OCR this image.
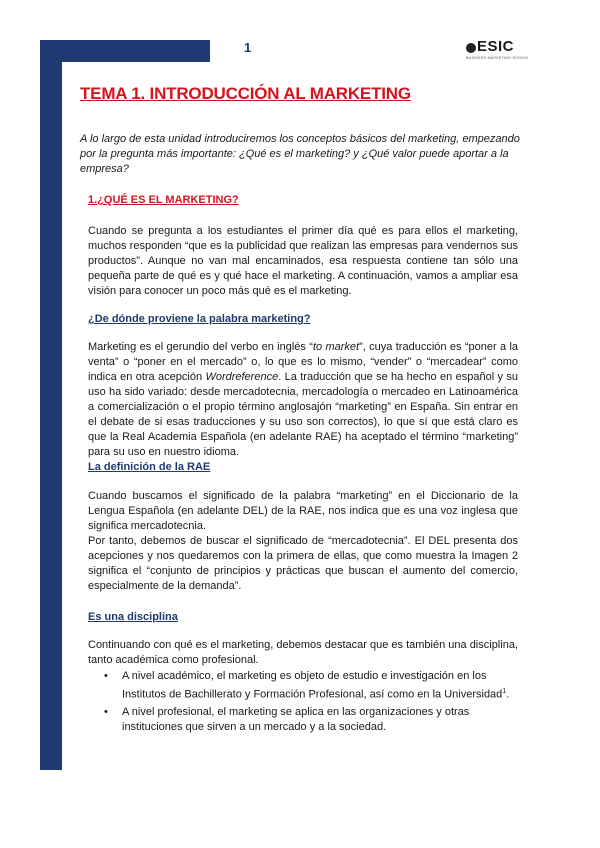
1	ESIC
BUSINESS·MARKETING·SCHOOL
TEMA 1. INTRODUCCIÓN AL MARKETING
A lo largo de esta unidad introduciremos los conceptos básicos del marketing, empezando por la pregunta más importante: ¿Qué es el marketing? y ¿Qué valor puede aportar a la empresa?
1.¿QUÉ ES EL MARKETING?
Cuando se pregunta a los estudiantes el primer día qué es para ellos el marketing, muchos responden “que es la publicidad que realizan las empresas para vendernos sus productos”. Aunque no van mal encaminados, esa respuesta contiene tan sólo una pequeña parte de qué es y qué hace el marketing. A continuación, vamos a ampliar esa visión para conocer un poco más qué es el marketing.
¿De dónde proviene la palabra marketing?
Marketing es el gerundio del verbo en inglés “to market”, cuya traducción es “poner a la venta” o “poner en el mercado” o, lo que es lo mismo, “vender” o “mercadear” como indica en otra acepción Wordreference. La traducción que se ha hecho en español y su uso ha sido variado: desde mercadotecnia, mercadología o mercadeo en Latinoamérica a comercialización o el propio término anglosajón “marketing” en España. Sin entrar en el debate de si esas traducciones y su uso son correctos), lo que sí que está claro es que la Real Academia Española (en adelante RAE) ha aceptado el término “marketing” para su uso en nuestro idioma.
La definición de la RAE
Cuando buscamos el significado de la palabra “marketing” en el Diccionario de la Lengua Española (en adelante DEL) de la RAE, nos indica que es una voz inglesa que significa mercadotecnia.
Por tanto, debemos de buscar el significado de “mercadotecnia”. El DEL presenta dos acepciones y nos quedaremos con la primera de ellas, que como muestra la Imagen 2 significa el “conjunto de principios y prácticas que buscan el aumento del comercio, especialmente de la demanda”.
Es una disciplina
Continuando con qué es el marketing, debemos destacar que es también una disciplina, tanto académica como profesional.
• A nivel académico, el marketing es objeto de estudio e investigación en los Institutos de Bachillerato y Formación Profesional, así como en la Universidad$^1$.
• A nivel profesional, el marketing se aplica en las organizaciones y otras instituciones que sirven a un mercado y a la sociedad.
